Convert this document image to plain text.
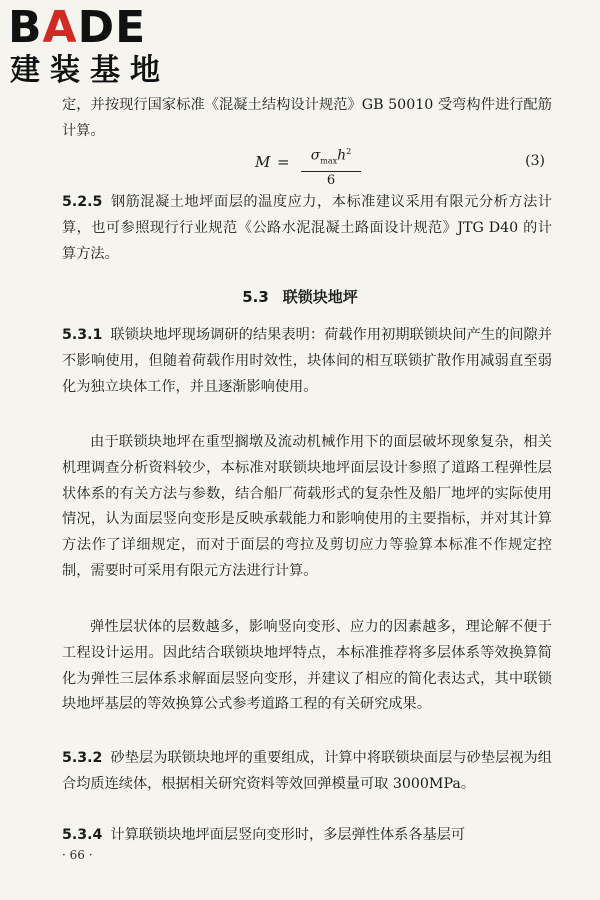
BADE
建装基地
定，并按现行国家标准《混凝土结构设计规范》GB 50010 受弯构件进行配筋计算。
M =	$\sigma_{max}h^2$
6
(3)
5.2.5 钢筋混凝土地坪面层的温度应力，本标准建议采用有限元分析方法计算，也可参照现行行业规范《公路水泥混凝土路面设计规范》JTG D40 的计算方法。
5.3 联锁块地坪
5.3.1 联锁块地坪现场调研的结果表明：荷载作用初期联锁块间产生的间隙并不影响使用，但随着荷载作用时效性，块体间的相互联锁扩散作用减弱直至弱化为独立块体工作，并且逐渐影响使用。
由于联锁块地坪在重型搁墩及流动机械作用下的面层破坏现象复杂，相关机理调查分析资料较少，本标准对联锁块地坪面层设计参照了道路工程弹性层状体系的有关方法与参数，结合船厂荷载形式的复杂性及船厂地坪的实际使用情况，认为面层竖向变形是反映承载能力和影响使用的主要指标，并对其计算方法作了详细规定，而对于面层的弯拉及剪切应力等验算本标准不作规定控制，需要时可采用有限元方法进行计算。
弹性层状体的层数越多，影响竖向变形、应力的因素越多，理论解不便于工程设计运用。因此结合联锁块地坪特点，本标准推荐将多层体系等效换算简化为弹性三层体系求解面层竖向变形，并建议了相应的简化表达式，其中联锁块地坪基层的等效换算公式参考道路工程的有关研究成果。
5.3.2 砂垫层为联锁块地坪的重要组成，计算中将联锁块面层与砂垫层视为组合均质连续体，根据相关研究资料等效回弹模量可取 3000MPa。
5.3.4 计算联锁块地坪面层竖向变形时，多层弹性体系各基层可
· 66 ·
